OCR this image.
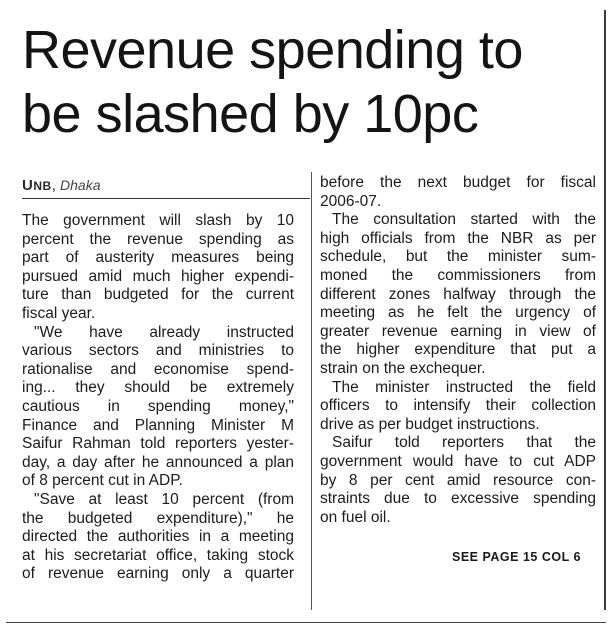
Revenue spending to
be slashed by 10pc
UNB, Dhaka
The government will slash by 10
percent the revenue spending as
part of austerity measures being
pursued amid much higher expendi-
ture than budgeted for the current
fiscal year.
"We have already instructed
various sectors and ministries to
rationalise and economise spend-
ing... they should be extremely
cautious in spending money,"
Finance and Planning Minister M
Saifur Rahman told reporters yester-
day, a day after he announced a plan
of 8 percent cut in ADP.
"Save at least 10 percent (from
the budgeted expenditure)," he
directed the authorities in a meeting
at his secretariat office, taking stock
of revenue earning only a quarter
before the next budget for fiscal
2006-07.
The consultation started with the
high officials from the NBR as per
schedule, but the minister sum-
moned the commissioners from
different zones halfway through the
meeting as he felt the urgency of
greater revenue earning in view of
the higher expenditure that put a
strain on the exchequer.
The minister instructed the field
officers to intensify their collection
drive as per budget instructions.
Saifur told reporters that the
government would have to cut ADP
by 8 per cent amid resource con-
straints due to excessive spending
on fuel oil.
SEE PAGE 15 COL 6
